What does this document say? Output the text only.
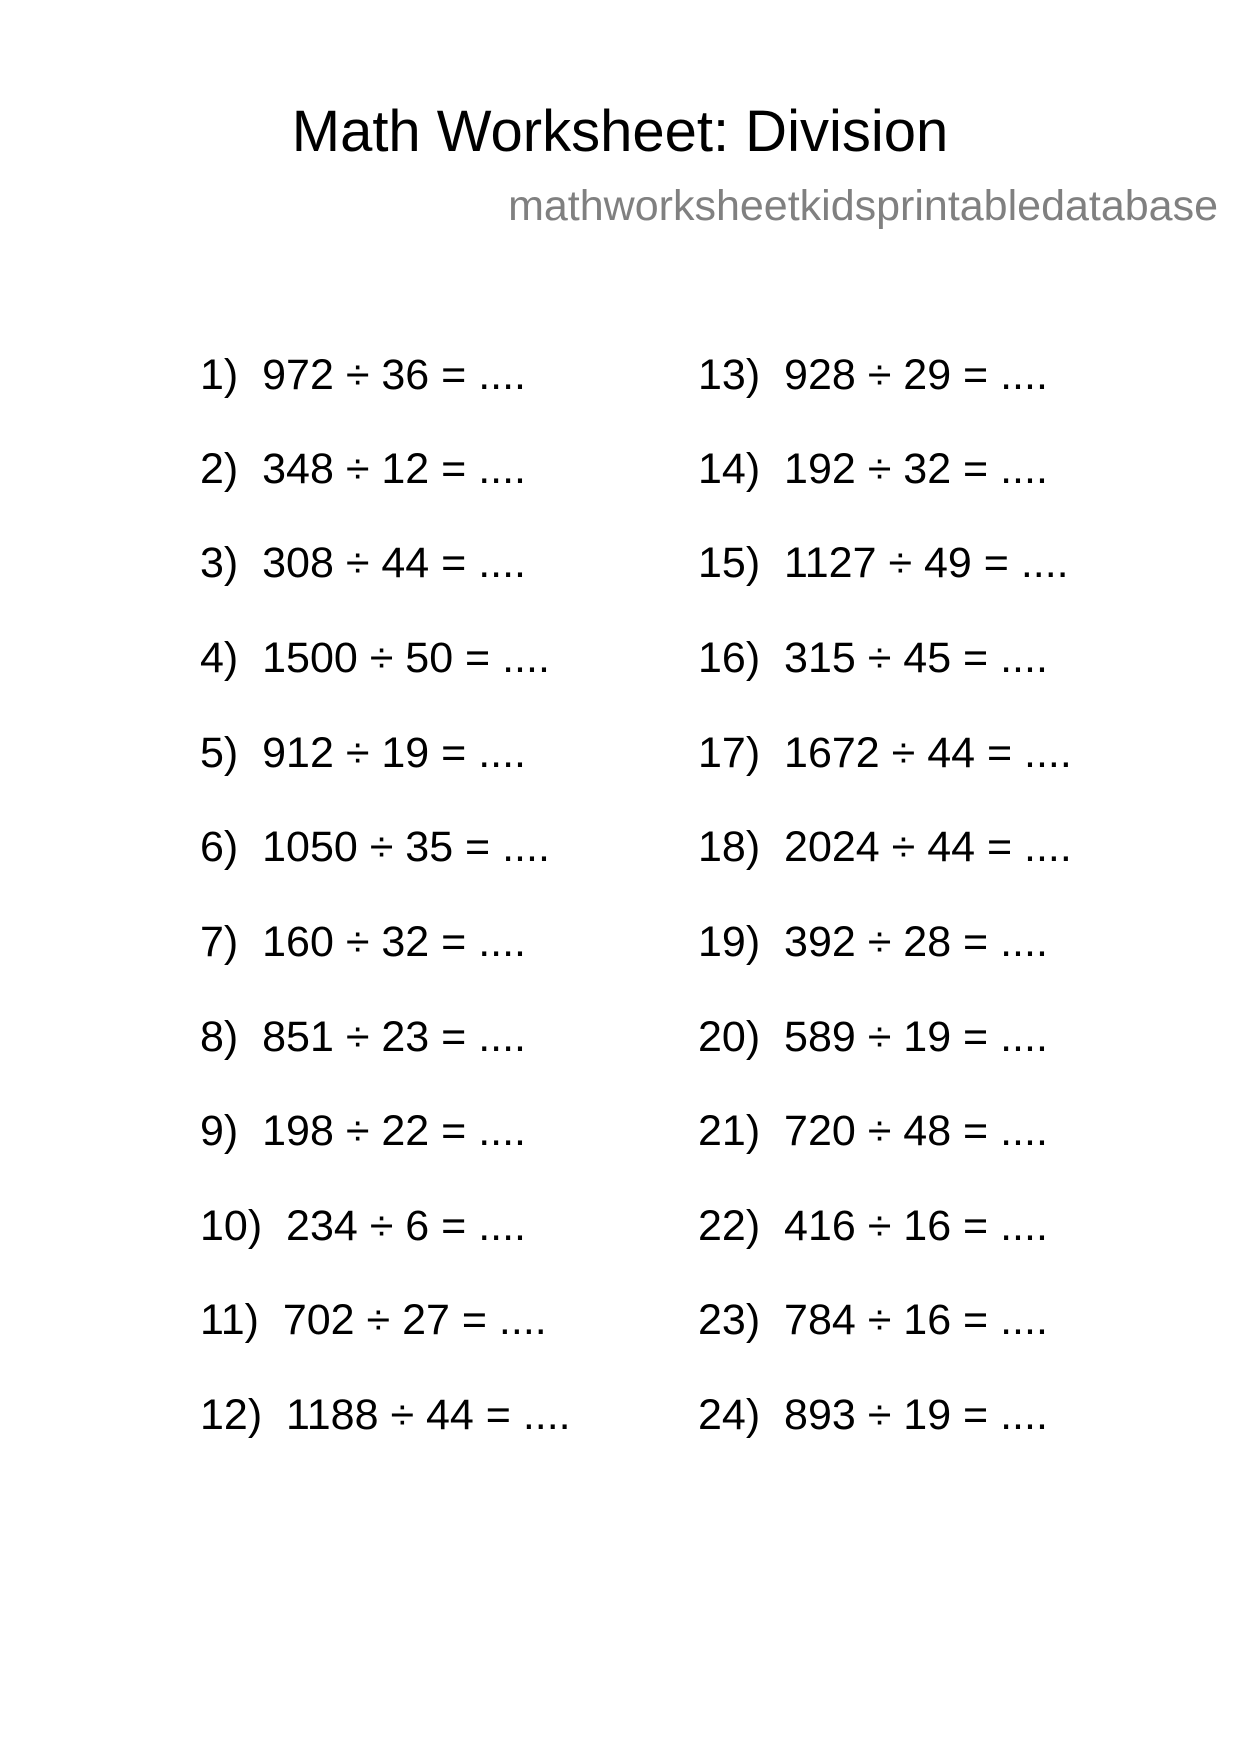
Math Worksheet: Division
mathworksheetkidsprintabledatabase
1)  972 ÷ 36 = ....
2)  348 ÷ 12 = ....
3)  308 ÷ 44 = ....
4)  1500 ÷ 50 = ....
5)  912 ÷ 19 = ....
6)  1050 ÷ 35 = ....
7)  160 ÷ 32 = ....
8)  851 ÷ 23 = ....
9)  198 ÷ 22 = ....
10)  234 ÷ 6 = ....
11)  702 ÷ 27 = ....
12)  1188 ÷ 44 = ....
13)  928 ÷ 29 = ....
14)  192 ÷ 32 = ....
15)  1127 ÷ 49 = ....
16)  315 ÷ 45 = ....
17)  1672 ÷ 44 = ....
18)  2024 ÷ 44 = ....
19)  392 ÷ 28 = ....
20)  589 ÷ 19 = ....
21)  720 ÷ 48 = ....
22)  416 ÷ 16 = ....
23)  784 ÷ 16 = ....
24)  893 ÷ 19 = ....
